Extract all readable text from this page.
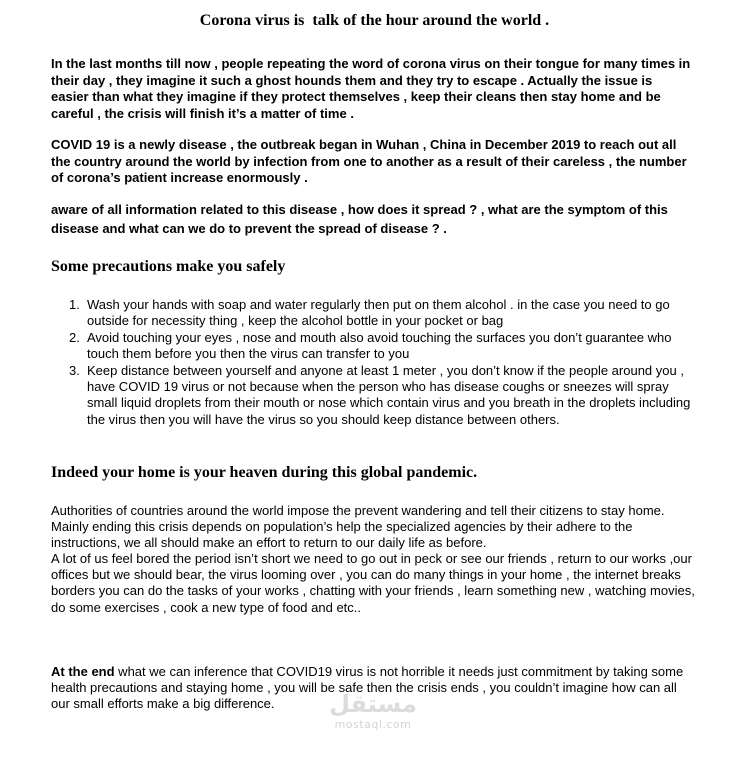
Corona virus is  talk of the hour around the world .
In the last months till now , people repeating the word of corona virus on their tongue for many times in their day , they imagine it such a ghost hounds them and they try to escape . Actually the issue is easier than what they imagine if they protect themselves , keep their cleans then stay home and be careful , the crisis will finish it’s a matter of time .
COVID 19 is a newly disease , the outbreak began in Wuhan , China in December 2019 to reach out all the country around the world by infection from one to another as a result of their careless , the number of corona’s patient increase enormously .
aware of all information related to this disease , how does it spread ? , what are the symptom of this disease and what can we do to prevent the spread of disease ? .
Some precautions make you safely
1. Wash your hands with soap and water regularly then put on them alcohol . in the case you need to go outside for necessity thing , keep the alcohol bottle in your pocket or bag
2. Avoid touching your eyes , nose and mouth also avoid touching the surfaces you don’t guarantee who touch them before you then the virus can transfer to you
3. Keep distance between yourself and anyone at least 1 meter , you don’t know if the people around you , have COVID 19 virus or not because when the person who has disease coughs or sneezes will spray small liquid droplets from their mouth or nose which contain virus and you breath in the droplets including the virus then you will have the virus so you should keep distance between others.
Indeed your home is your heaven during this global pandemic.

Authorities of countries around the world impose the prevent wandering and tell their citizens to stay home.

Mainly ending this crisis depends on population’s help the specialized agencies by their adhere to the instructions, we all should make an effort to return to our daily life as before.

A lot of us feel bored the period isn’t short we need to go out in peck or see our friends , return to our works ,our offices but we should bear, the virus looming over , you can do many things in your home , the internet breaks borders you can do the tasks of your works , chatting with your friends , learn something new , watching movies, do some exercises , cook a new type of food and etc..

At the end what we can inference that COVID19 virus is not horrible it needs just commitment by taking some health precautions and staying home , you will be safe then the crisis ends , you couldn’t imagine how can all our small efforts make a big difference.	مستقل
mostaql.com
